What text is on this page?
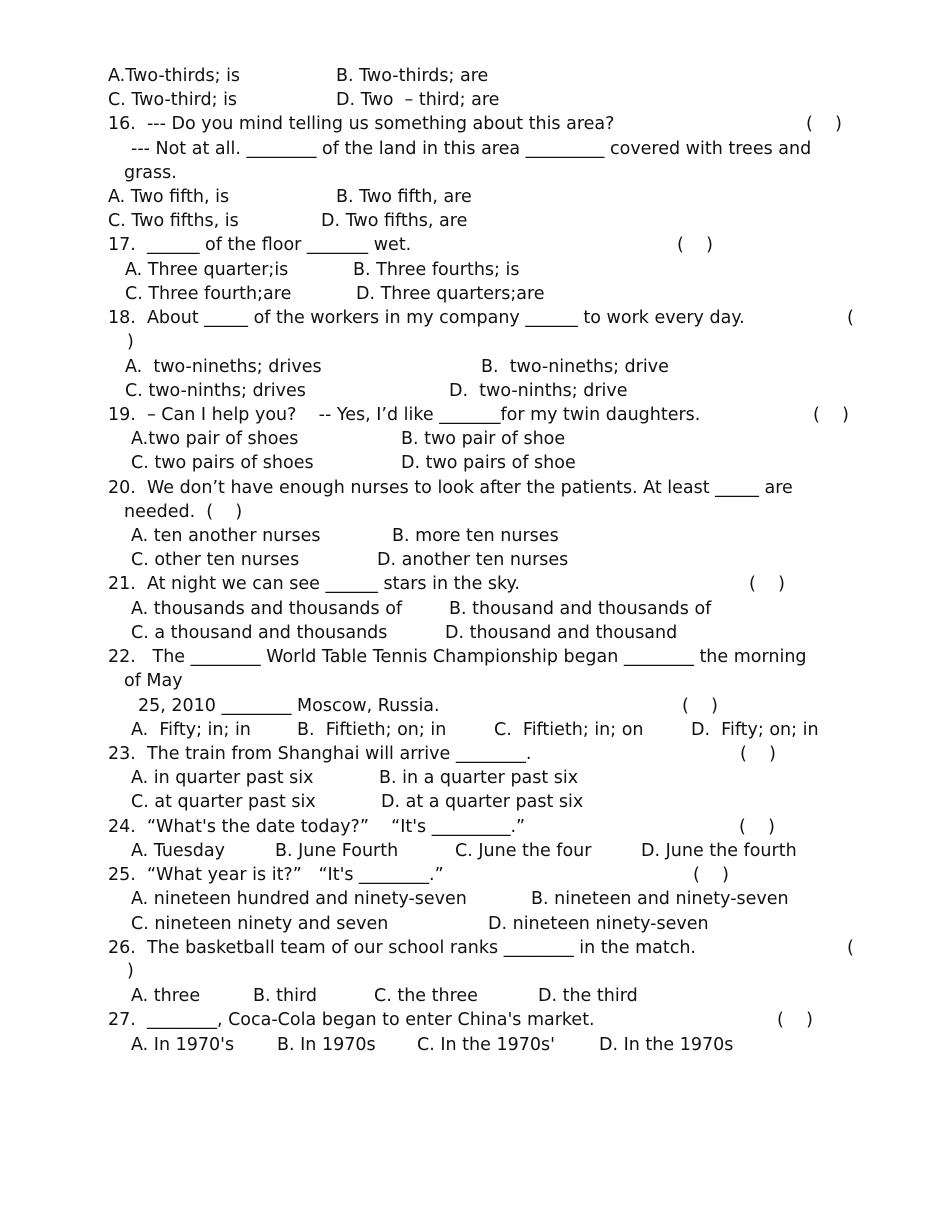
A.Two-thirds; is	B. Two-thirds; are
C. Two-third; is	D. Two  – third; are
16.  --- Do you mind telling us something about this area?	(    )
--- Not at all. ________ of the land in this area _________ covered with trees and
grass.
A. Two fifth, is	B. Two fifth, are
C. Two fifths, is	D. Two fifths, are
17.  ______ of the floor _______ wet.	(    )
A. Three quarter;is	B. Three fourths; is
C. Three fourth;are	D. Three quarters;are
18.  About _____ of the workers in my company ______ to work every day.	(
)
A.  two-nineths; drives	B.  two-nineths; drive
C. two-ninths; drives	D.  two-ninths; drive
19.  – Can I help you?    -- Yes, I’d like _______for my twin daughters.	(    )
A.two pair of shoes	B. two pair of shoe
C. two pairs of shoes	D. two pairs of shoe
20.  We don’t have enough nurses to look after the patients. At least _____ are
needed.  (    )
A. ten another nurses	B. more ten nurses
C. other ten nurses	D. another ten nurses
21.  At night we can see ______ stars in the sky.	(    )
A. thousands and thousands of	B. thousand and thousands of
C. a thousand and thousands	D. thousand and thousand
22.   The ________ World Table Tennis Championship began ________ the morning
of May
25, 2010 ________ Moscow, Russia.	(    )
A.  Fifty; in; in	B.  Fiftieth; on; in	C.  Fiftieth; in; on	D.  Fifty; on; in
23.  The train from Shanghai will arrive ________.	(    )
A. in quarter past six	B. in a quarter past six
C. at quarter past six	D. at a quarter past six
24.  “What's the date today?”    “It's _________.”	(    )
A. Tuesday	B. June Fourth	C. June the four	D. June the fourth
25.  “What year is it?”   “It's ________.”	(    )
A. nineteen hundred and ninety-seven	B. nineteen and ninety-seven
C. nineteen ninety and seven	D. nineteen ninety-seven
26.  The basketball team of our school ranks ________ in the match.	(
)
A. three	B. third	C. the three	D. the third
27.  ________, Coca-Cola began to enter China's market.	(    )
A. In 1970's B. In 1970s C. In the 1970s'	D. In the 1970s
